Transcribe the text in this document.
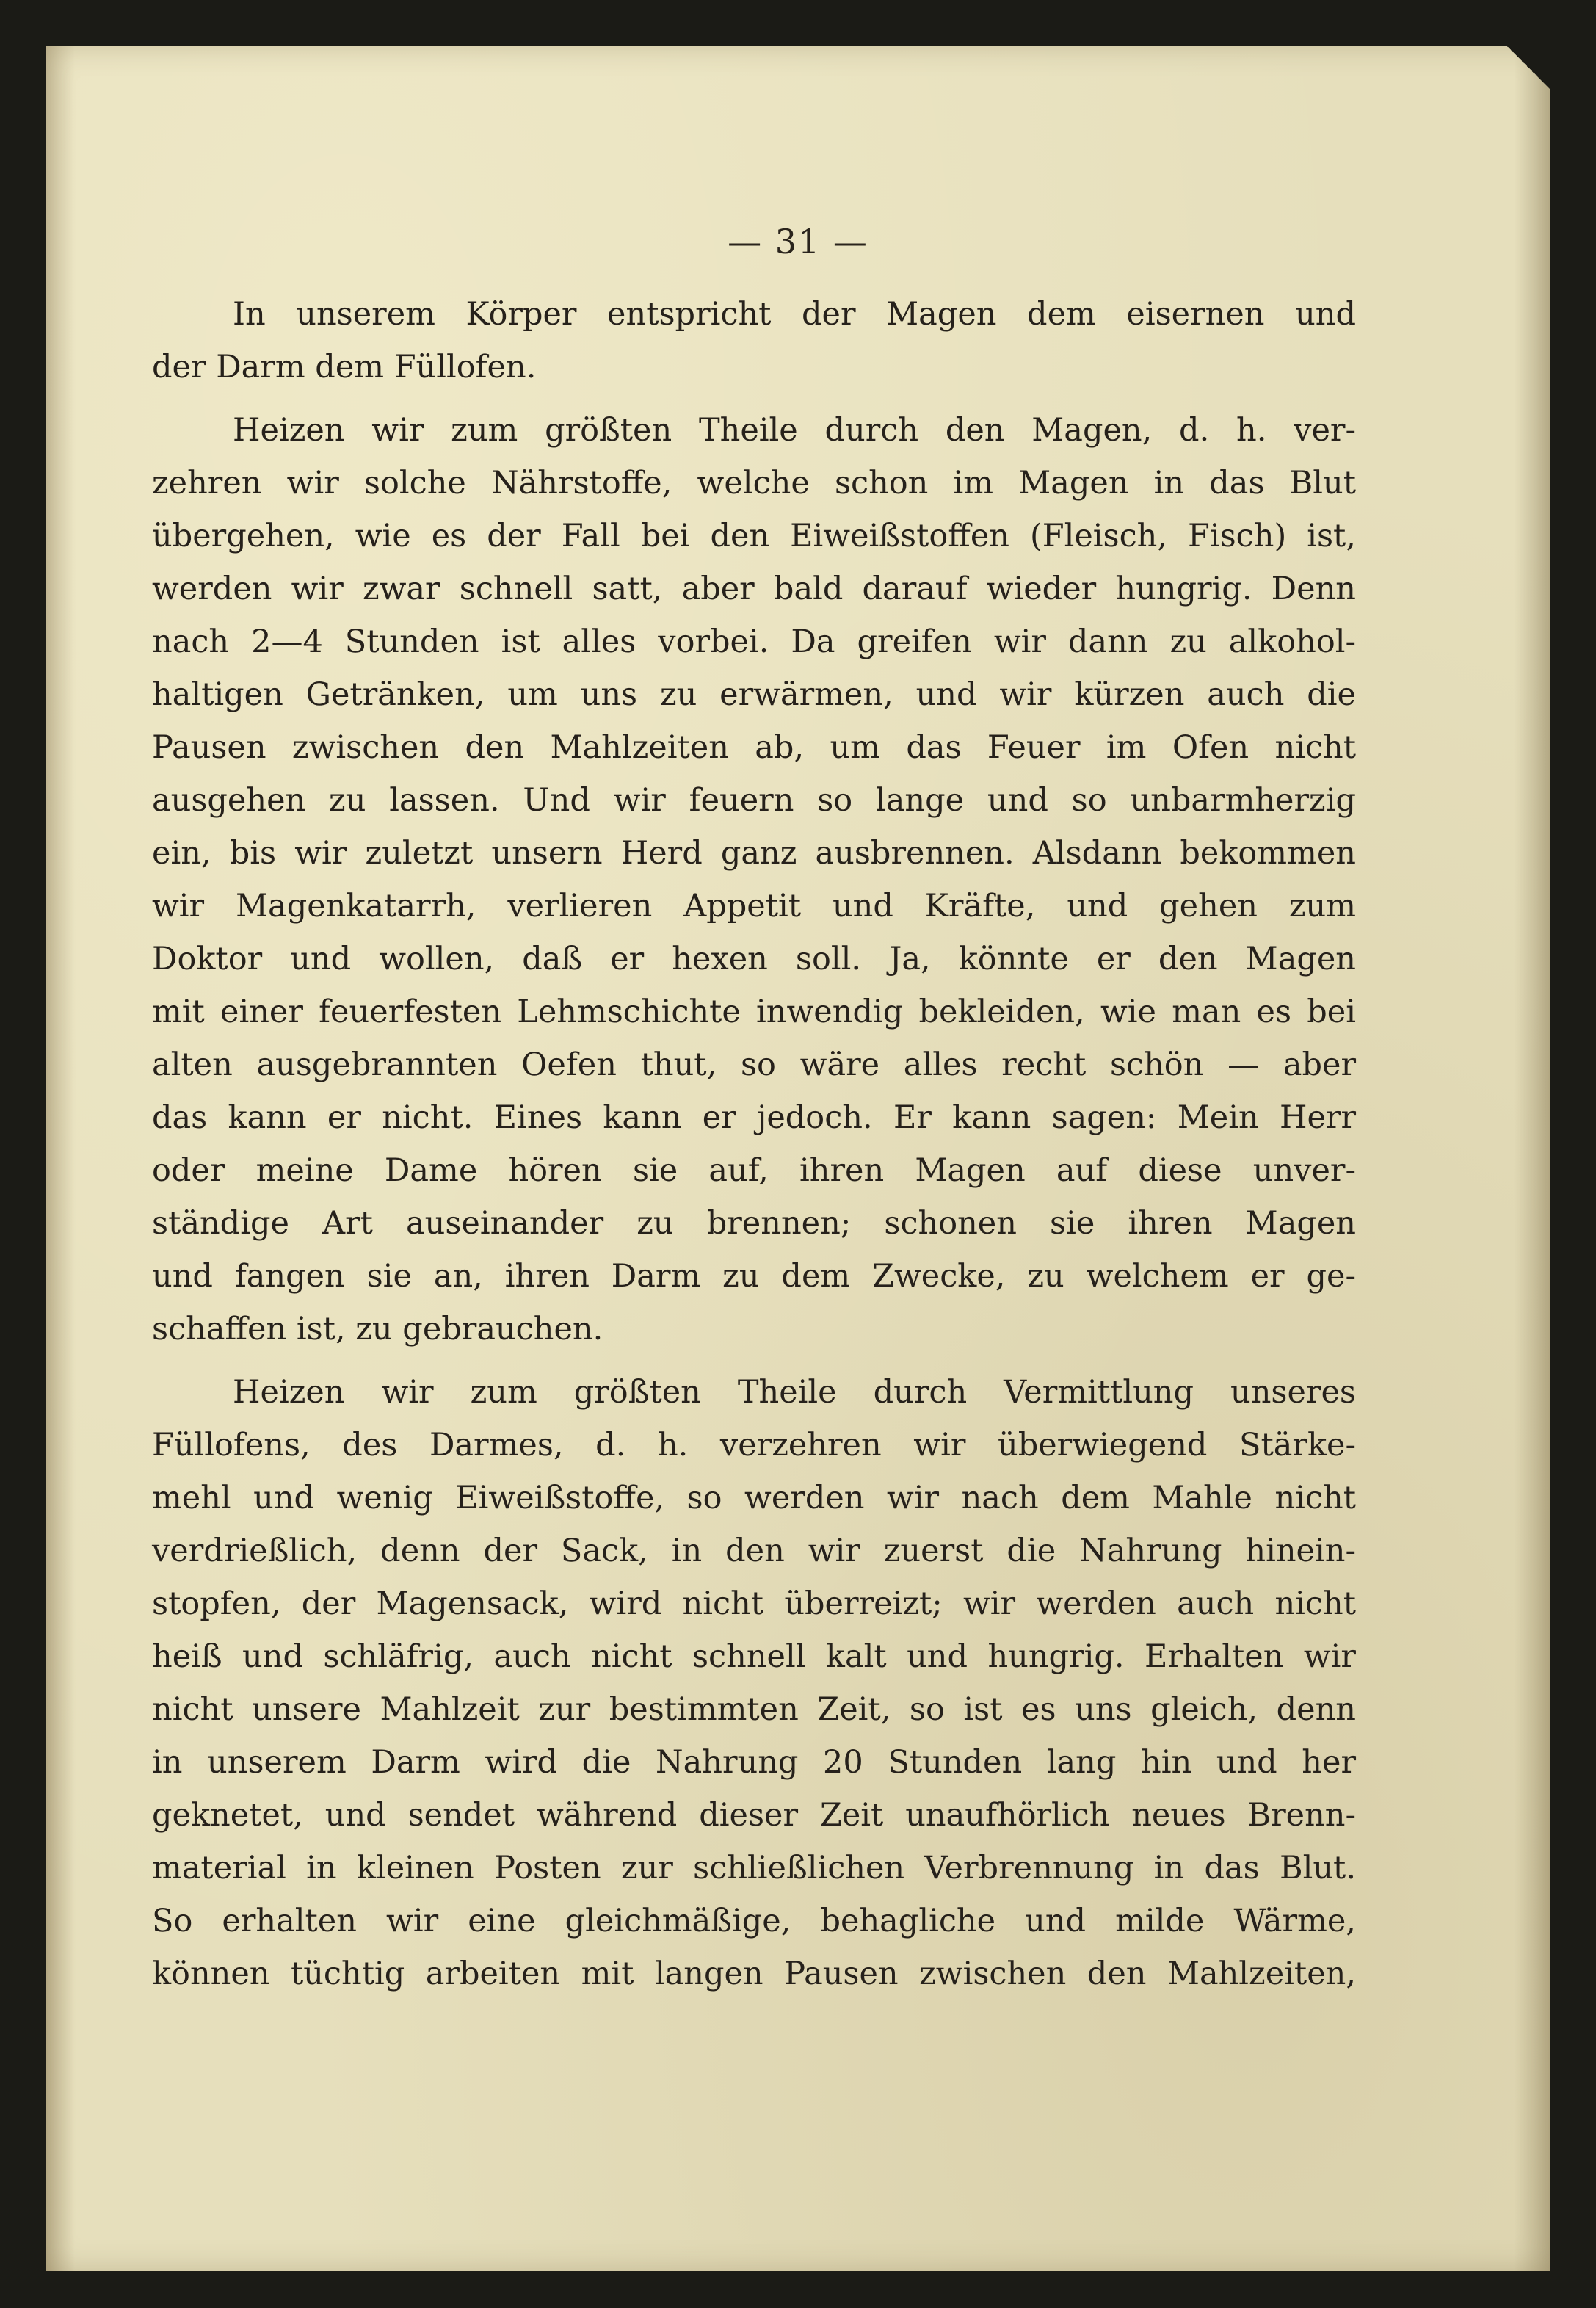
— 31 —
In unserem Körper entspricht der Magen dem eisernen und
der Darm dem Füllofen.
Heizen wir zum größten Theile durch den Magen, d. h. ver-
zehren wir solche Nährstoffe, welche schon im Magen in das Blut
übergehen, wie es der Fall bei den Eiweißstoffen (Fleisch, Fisch) ist,
werden wir zwar schnell satt, aber bald darauf wieder hungrig. Denn
nach 2—4 Stunden ist alles vorbei. Da greifen wir dann zu alkohol-
haltigen Getränken, um uns zu erwärmen, und wir kürzen auch die
Pausen zwischen den Mahlzeiten ab, um das Feuer im Ofen nicht
ausgehen zu lassen. Und wir feuern so lange und so unbarmherzig
ein, bis wir zuletzt unsern Herd ganz ausbrennen. Alsdann bekommen
wir Magenkatarrh, verlieren Appetit und Kräfte, und gehen zum
Doktor und wollen, daß er hexen soll. Ja, könnte er den Magen
mit einer feuerfesten Lehmschichte inwendig bekleiden, wie man es bei
alten ausgebrannten Oefen thut, so wäre alles recht schön — aber
das kann er nicht. Eines kann er jedoch. Er kann sagen: Mein Herr
oder meine Dame hören sie auf, ihren Magen auf diese unver-
ständige Art auseinander zu brennen; schonen sie ihren Magen
und fangen sie an, ihren Darm zu dem Zwecke, zu welchem er ge-
schaffen ist, zu gebrauchen.
Heizen wir zum größten Theile durch Vermittlung unseres
Füllofens, des Darmes, d. h. verzehren wir überwiegend Stärke-
mehl und wenig Eiweißstoffe, so werden wir nach dem Mahle nicht
verdrießlich, denn der Sack, in den wir zuerst die Nahrung hinein-
stopfen, der Magensack, wird nicht überreizt; wir werden auch nicht
heiß und schläfrig, auch nicht schnell kalt und hungrig. Erhalten wir
nicht unsere Mahlzeit zur bestimmten Zeit, so ist es uns gleich, denn
in unserem Darm wird die Nahrung 20 Stunden lang hin und her
geknetet, und sendet während dieser Zeit unaufhörlich neues Brenn-
material in kleinen Posten zur schließlichen Verbrennung in das Blut.
So erhalten wir eine gleichmäßige, behagliche und milde Wärme,
können tüchtig arbeiten mit langen Pausen zwischen den Mahlzeiten,
